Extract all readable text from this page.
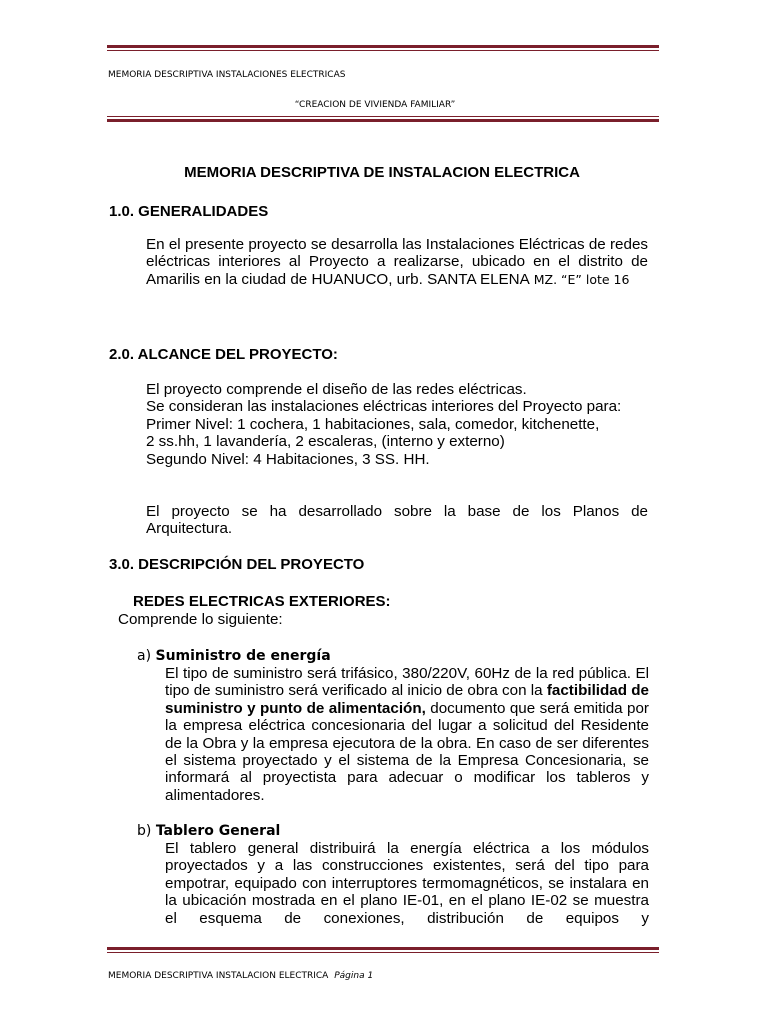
MEMORIA DESCRIPTIVA INSTALACIONES ELECTRICAS
“CREACION DE VIVIENDA FAMILIAR”
MEMORIA DESCRIPTIVA DE INSTALACION ELECTRICA
1.0. GENERALIDADES
En el presente proyecto se desarrolla las Instalaciones Eléctricas de redes eléctricas interiores al Proyecto a realizarse, ubicado en el distrito de Amarilis en la ciudad de HUANUCO, urb. SANTA ELENA MZ. “E” lote 16
2.0. ALCANCE DEL PROYECTO:
El proyecto comprende el diseño de las redes eléctricas.
Se consideran las instalaciones eléctricas interiores del Proyecto para:
Primer Nivel: 1 cochera, 1 habitaciones, sala, comedor, kitchenette,
2 ss.hh, 1 lavandería, 2 escaleras, (interno y externo)
Segundo Nivel: 4 Habitaciones, 3 SS. HH.
El proyecto se ha desarrollado sobre la base de los Planos de Arquitectura.
3.0. DESCRIPCIÓN DEL PROYECTO
REDES ELECTRICAS EXTERIORES:
Comprende lo siguiente:
a) Suministro de energía
El tipo de suministro será trifásico, 380/220V, 60Hz de la red pública. El tipo de suministro será verificado al inicio de obra con la factibilidad de suministro y punto de alimentación, documento que será emitida por la empresa eléctrica concesionaria del lugar a solicitud del Residente de la Obra y la empresa ejecutora de la obra. En caso de ser diferentes el sistema proyectado y el sistema de la Empresa Concesionaria, se informará al proyectista para adecuar o modificar los tableros y alimentadores.
b) Tablero General
El tablero general distribuirá la energía eléctrica a los módulos proyectados y a las construcciones existentes, será del tipo para empotrar, equipado con interruptores termomagnéticos, se instalara en la ubicación mostrada en el plano IE-01, en el plano IE-02 se muestra el esquema de conexiones, distribución de equipos y
MEMORIA DESCRIPTIVA INSTALACION ELECTRICA Página 1
